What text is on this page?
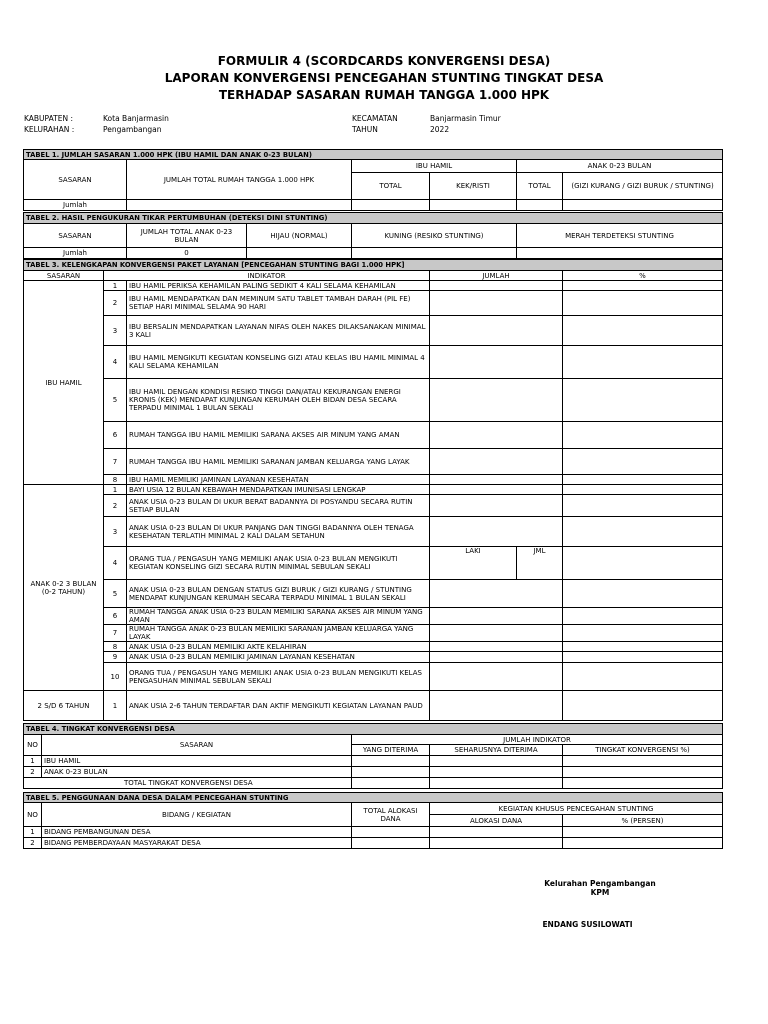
FORMULIR 4 (SCORDCARDS KONVERGENSI DESA)
LAPORAN KONVERGENSI PENCEGAHAN STUNTING TINGKAT DESA
TERHADAP SASARAN RUMAH TANGGA 1.000 HPK
KABUPATEN :	Kota Banjarmasin
KELURAHAN :	Pengambangan
KECAMATAN	Banjarmasin Timur
TAHUN	2022
TABEL 1. JUMLAH SASARAN 1.000 HPK (IBU HAMIL DAN ANAK 0-23 BULAN)					
SASARAN	JUMLAH TOTAL RUMAH TANGGA 1.000 HPK	IBU HAMIL		ANAK 0-23 BULAN	
		TOTAL	KEK/RISTI	TOTAL	(GIZI KURANG / GIZI BURUK / STUNTING)
Jumlah					
TABEL 2. HASIL PENGUKURAN TIKAR PERTUMBUHAN (DETEKSI DINI STUNTING)				
SASARAN	JUMLAH TOTAL ANAK 0-23 BULAN	HIJAU (NORMAL)	KUNING (RESIKO STUNTING)	MERAH TERDETEKSI STUNTING
Jumlah	0			
TABEL 3. KELENGKAPAN KONVERGENSI PAKET LAYANAN [PENCEGAHAN STUNTING BAGI 1.000 HPK]					
SASARAN	INDIKATOR		JUMLAH		%
IBU HAMIL	1	IBU HAMIL PERIKSA KEHAMILAN PALING SEDIKIT 4 KALI SELAMA KEHAMILAN			
	2	IBU HAMIL MENDAPATKAN DAN MEMINUM SATU TABLET TAMBAH DARAH (PIL FE) SETIAP HARI MINIMAL SELAMA 90 HARI			
	3	IBU BERSALIN MENDAPATKAN LAYANAN NIFAS OLEH NAKES DILAKSANAKAN MINIMAL 3 KALI			
	4	IBU HAMIL MENGIKUTI KEGIATAN KONSELING GIZI ATAU KELAS IBU HAMIL MINIMAL 4 KALI SELAMA KEHAMILAN			
	5	IBU HAMIL DENGAN KONDISI RESIKO TINGGI DAN/ATAU KEKURANGAN ENERGI KRONIS (KEK) MENDAPAT KUNJUNGAN KERUMAH OLEH BIDAN DESA SECARA TERPADU MINIMAL 1 BULAN SEKALI			
	6	RUMAH TANGGA IBU HAMIL MEMILIKI SARANA AKSES AIR MINUM YANG AMAN			
	7	RUMAH TANGGA IBU HAMIL MEMILIKI SARANAN JAMBAN KELUARGA YANG LAYAK			
	8	IBU HAMIL MEMILIKI JAMINAN LAYANAN KESEHATAN			
ANAK 0-2 3 BULAN (0-2 TAHUN)	1	BAYI USIA 12 BULAN KEBAWAH MENDAPATKAN IMUNISASI LENGKAP			
	2	ANAK USIA 0-23 BULAN DI UKUR BERAT BADANNYA DI POSYANDU SECARA RUTIN SETIAP BULAN			
	3	ANAK USIA 0-23 BULAN DI UKUR PANJANG DAN TINGGI BADANNYA OLEH TENAGA KESEHATAN TERLATIH MINIMAL 2 KALI DALAM SETAHUN			
	4	ORANG TUA / PENGASUH YANG MEMILIKI ANAK USIA 0-23 BULAN MENGIKUTI KEGIATAN KONSELING GIZI SECARA RUTIN MINIMAL SEBULAN SEKALI	LAKI	JML	
	5	ANAK USIA 0-23 BULAN DENGAN STATUS GIZI BURUK / GIZI KURANG / STUNTING MENDAPAT KUNJUNGAN KERUMAH SECARA TERPADU MINIMAL 1 BULAN SEKALI			
	6	RUMAH TANGGA ANAK USIA 0-23 BULAN MEMILIKI SARANA AKSES AIR MINUM YANG AMAN			
	7	RUMAH TANGGA ANAK 0-23 BULAN MEMILIKI SARANAN JAMBAN KELUARGA YANG LAYAK			
	8	ANAK USIA 0-23 BULAN MEMILIKI AKTE KELAHIRAN			
	9	ANAK USIA 0-23 BULAN MEMILIKI JAMINAN LAYANAN KESEHATAN			
	10	ORANG TUA / PENGASUH YANG MEMILIKI ANAK USIA 0-23 BULAN MENGIKUTI KELAS PENGASUHAN MINIMAL SEBULAN SEKALI			
2 S/D 6 TAHUN	1	ANAK USIA 2-6 TAHUN TERDAFTAR DAN AKTIF MENGIKUTI KEGIATAN LAYANAN PAUD			
TABEL 4. TINGKAT KONVERGENSI DESA				
NO	SASARAN	JUMLAH INDIKATOR		
		YANG DITERIMA	SEHARUSNYA DITERIMA	TINGKAT KONVERGENSI %)
1	IBU HAMIL			
2	ANAK 0-23 BULAN			
TOTAL TINGKAT KONVERGENSI DESA				
TABEL 5. PENGGUNAAN DANA DESA DALAM PENCEGAHAN STUNTING				
NO	BIDANG / KEGIATAN	TOTAL ALOKASI DANA	KEGIATAN KHUSUS PENCEGAHAN STUNTING	
			ALOKASI DANA	% (PERSEN)
1	BIDANG PEMBANGUNAN DESA			
2	BIDANG PEMBERDAYAAN MASYARAKAT DESA			
Kelurahan Pengambangan
KPM
ENDANG SUSILOWATI
